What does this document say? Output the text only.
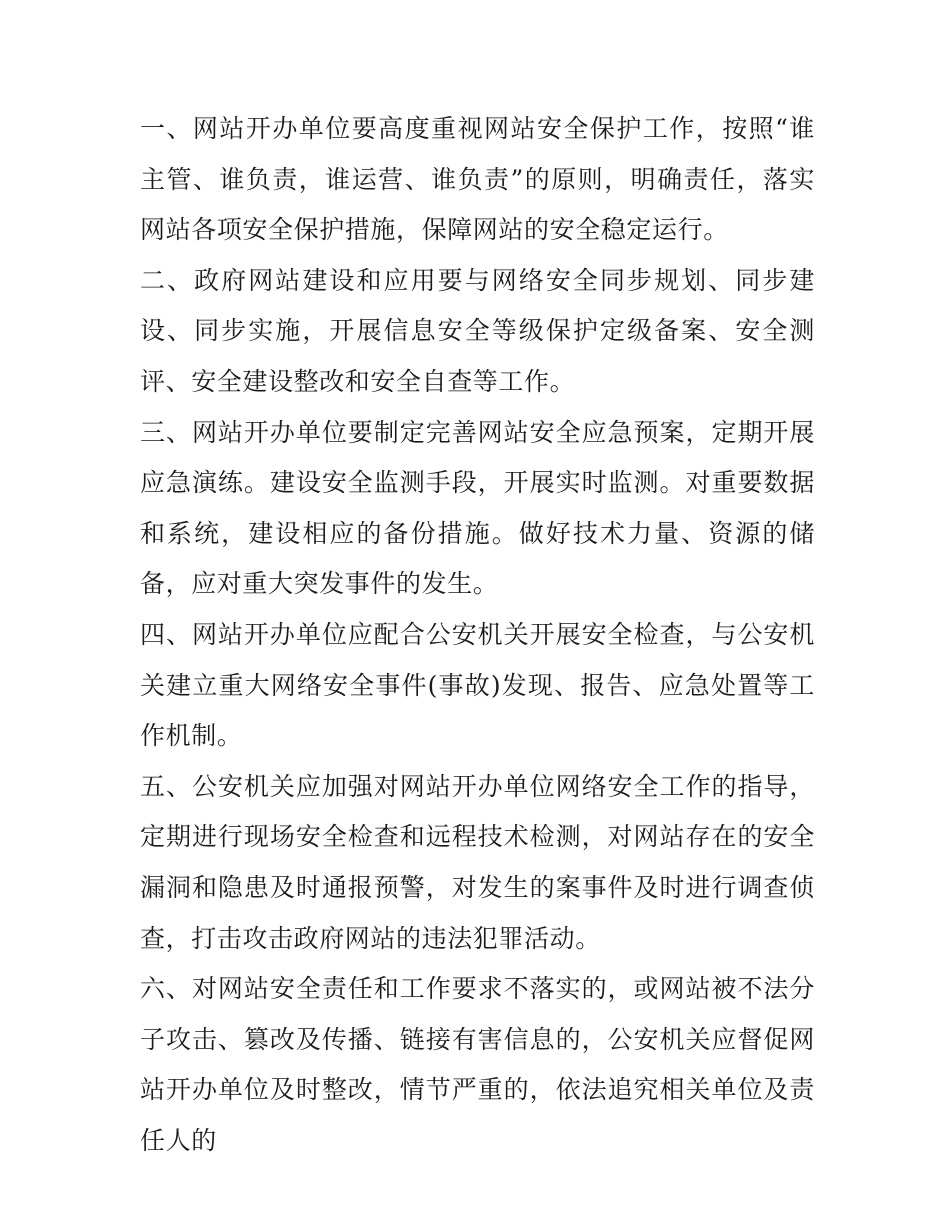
一、网站开办单位要高度重视网站安全保护工作，按照“谁主管、谁负责，谁运营、谁负责”的原则，明确责任，落实网站各项安全保护措施，保障网站的安全稳定运行。

二、政府网站建设和应用要与网络安全同步规划、同步建设、同步实施，开展信息安全等级保护定级备案、安全测评、安全建设整改和安全自查等工作。

三、网站开办单位要制定完善网站安全应急预案，定期开展应急演练。建设安全监测手段，开展实时监测。对重要数据和系统，建设相应的备份措施。做好技术力量、资源的储备，应对重大突发事件的发生。

四、网站开办单位应配合公安机关开展安全检查，与公安机关建立重大网络安全事件(事故)发现、报告、应急处置等工作机制。

五、公安机关应加强对网站开办单位网络安全工作的指导，定期进行现场安全检查和远程技术检测，对网站存在的安全漏洞和隐患及时通报预警，对发生的案事件及时进行调查侦查，打击攻击政府网站的违法犯罪活动。

六、对网站安全责任和工作要求不落实的，或网站被不法分子攻击、篡改及传播、链接有害信息的，公安机关应督促网站开办单位及时整改，情节严重的，依法追究相关单位及责任人的
